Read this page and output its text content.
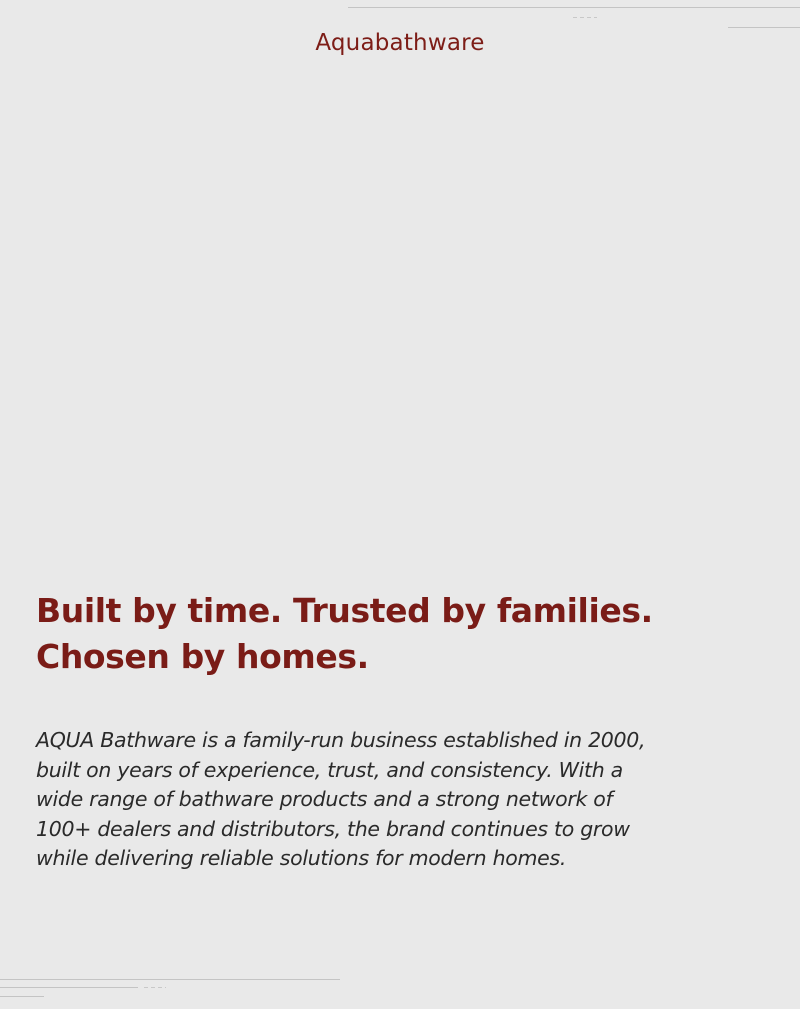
Aquabathware
Built by time. Trusted by families.
Chosen by homes.

AQUA Bathware is a family-run business established in 2000,
built on years of experience, trust, and consistency. With a
wide range of bathware products and a strong network of
100+ dealers and distributors, the brand continues to grow
while delivering reliable solutions for modern homes.
